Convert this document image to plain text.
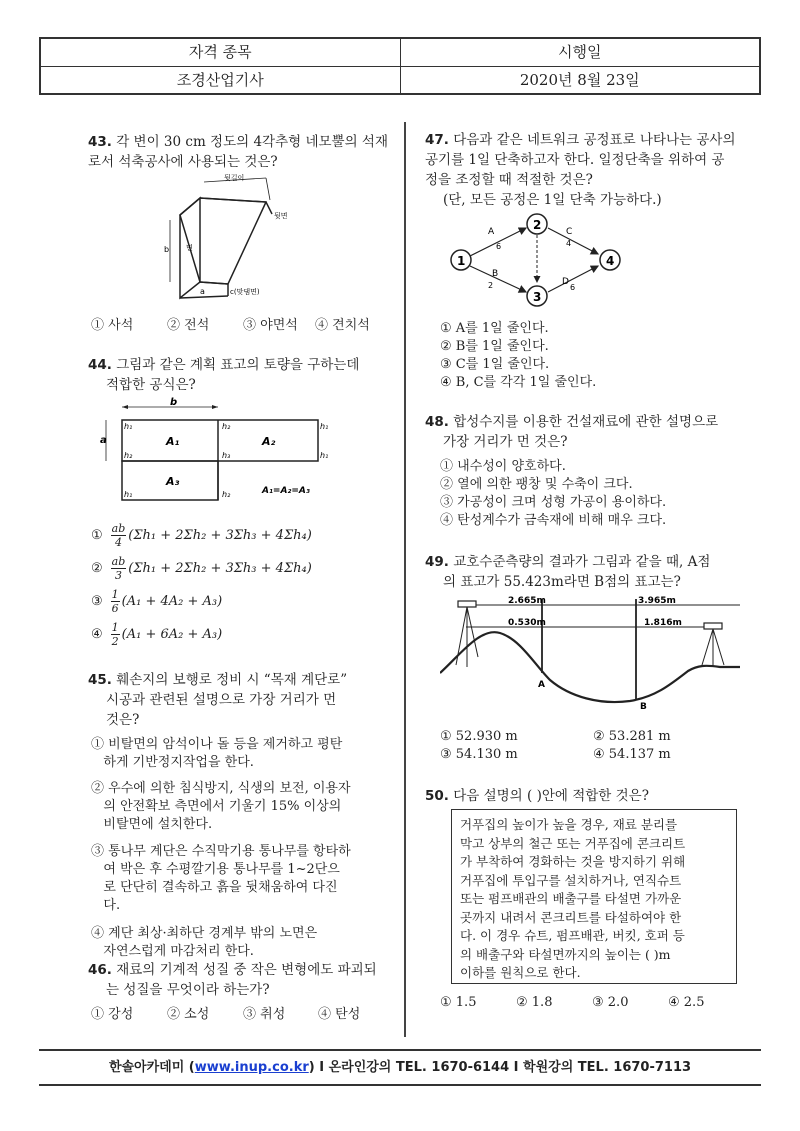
자격 종목	시행일
조경산업기사	2020년 8월 23일
43. 각 변이 30 cm 정도의 4각추형 네모뿔의 석재로서 석축공사에 사용되는 것은?
뒷길이
뒷면
면
b
a	c(맞댐면)
① 사석	② 전석	③ 야면석 ④ 견치석
44. 그림과 같은 계획 표고의 토량을 구하는데
적합한 공식은?
b
a
h₁	h₂	h₁
h₂	h₃	h₁
h₁	h₂
A₁	A₂
A₃
A₁=A₂=A₃
① $\frac{ab}{4} (\Sigma h_1 + 2\Sigma h_2 + 3\Sigma h_3 + 4\Sigma h_4)$
② $\frac{ab}{3} (\Sigma h_1 + 2\Sigma h_2 + 3\Sigma h_3 + 4\Sigma h_4)$
③ $\frac{1}{6} (A_1 + 4A_2 + A_3)$
④ $\frac{1}{2} (A_1 + 6A_2 + A_3)$
45. 훼손지의 보행로 정비 시 “목재 계단로”
시공과 관련된 설명으로 가장 거리가 먼
것은?
① 비탈면의 암석이나 돌 등을 제거하고 평탄
하게 기반정지작업을 한다.
② 우수에 의한 침식방지, 식생의 보전, 이용자
의 안전확보 측면에서 기울기 15% 이상의
비탈면에 설치한다.
③ 통나무 계단은 수직막기용 통나무를 항타하
여 박은 후 수평깔기용 통나무를 1~2단으
로 단단히 결속하고 흙을 뒷채움하여 다진
다.
④ 계단 최상·최하단 경계부 밖의 노면은
자연스럽게 마감처리 한다.
46. 재료의 기계적 성질 중 작은 변형에도 파괴되
는 성질을 무엇이라 하는가?
① 강성	② 소성	③ 취성	④ 탄성
47. 다음과 같은 네트워크 공정표로 나타나는 공사의 공기를 1일 단축하고자 한다. 일정단축을 위하여 공정을 조정할 때 적절한 것은?
(단, 모든 공정은 1일 단축 가능하다.)
1
2
3
4
A
6
B
2
C
4
D
6
① A를 1일 줄인다.
② B를 1일 줄인다.
③ C를 1일 줄인다.
④ B, C를 각각 1일 줄인다.
48. 합성수지를 이용한 건설재료에 관한 설명으로
가장 거리가 먼 것은?
① 내수성이 양호하다.
② 열에 의한 팽창 및 수축이 크다.
③ 가공성이 크며 성형 가공이 용이하다.
④ 탄성계수가 금속재에 비해 매우 크다.
49. 교호수준측량의 결과가 그림과 같을 때, A점
의 표고가 55.423m라면 B점의 표고는?
2.665m	3.965m
0.530m	1.816m
A
B
① 52.930 m	② 53.281 m
③ 54.130 m	④ 54.137 m
50. 다음 설명의 ( )안에 적합한 것은?
거푸집의 높이가 높을 경우, 재료 분리를
막고 상부의 철근 또는 거푸집에 콘크리트
가 부착하여 경화하는 것을 방지하기 위해
거푸집에 투입구를 설치하거나, 연직슈트
또는 펌프배관의 배출구를 타설면 가까운
곳까지 내려서 콘크리트를 타설하여야 한
다. 이 경우 슈트, 펌프배관, 버킷, 호퍼 등
의 배출구와 타설면까지의 높이는 ( )m
이하를 원칙으로 한다.
① 1.5	② 1.8	③ 2.0	④ 2.5
한솔아카데미 (www.inup.co.kr) I 온라인강의 TEL. 1670-6144 I 학원강의 TEL. 1670-7113
